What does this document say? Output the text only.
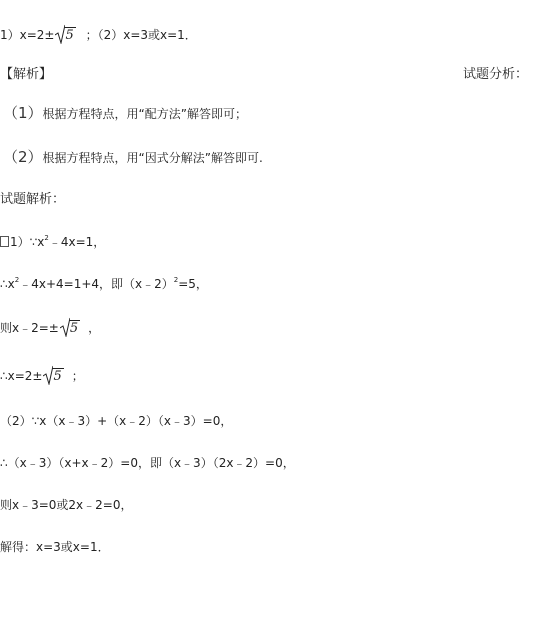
1）x=2± 5 ；（2）x=3或x=1．
【解析】	试题分析：
（1）根据方程特点，用“配方法”解答即可；
（2）根据方程特点，用“因式分解法”解答即可.
试题解析：
$1)\because x^2﹣4x=1$，
$\therefore x^2﹣4x+4=1+4$，即（x﹣2）$^2$=5，
则x﹣2=± 5 ，
∴x=2± 5 ；
（2）∵x（x﹣3）+（x﹣2）（x﹣3）=0，
∴（x﹣3）（x+x﹣2）=0，即（x﹣3）（2x﹣2）=0，
则x﹣3=0或2x﹣2=0，
解得：x=3或x=1．
